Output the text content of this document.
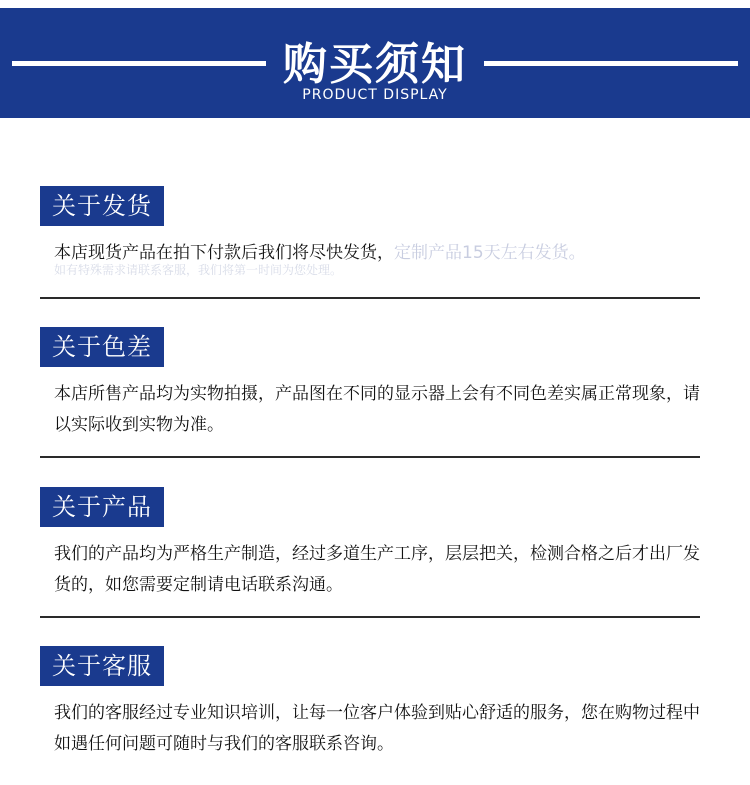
购买须知
PRODUCT DISPLAY
关于发货
本店现货产品在拍下付款后我们将尽快发货，定制产品15天左右发货。
如有特殊需求请联系客服，我们将第一时间为您处理。
关于色差
本店所售产品均为实物拍摄，产品图在不同的显示器上会有不同色差实属正常现象，请以实际收到实物为准。
关于产品
我们的产品均为严格生产制造，经过多道生产工序，层层把关，检测合格之后才出厂发货的，如您需要定制请电话联系沟通。
关于客服
我们的客服经过专业知识培训，让每一位客户体验到贴心舒适的服务，您在购物过程中如遇任何问题可随时与我们的客服联系咨询。
